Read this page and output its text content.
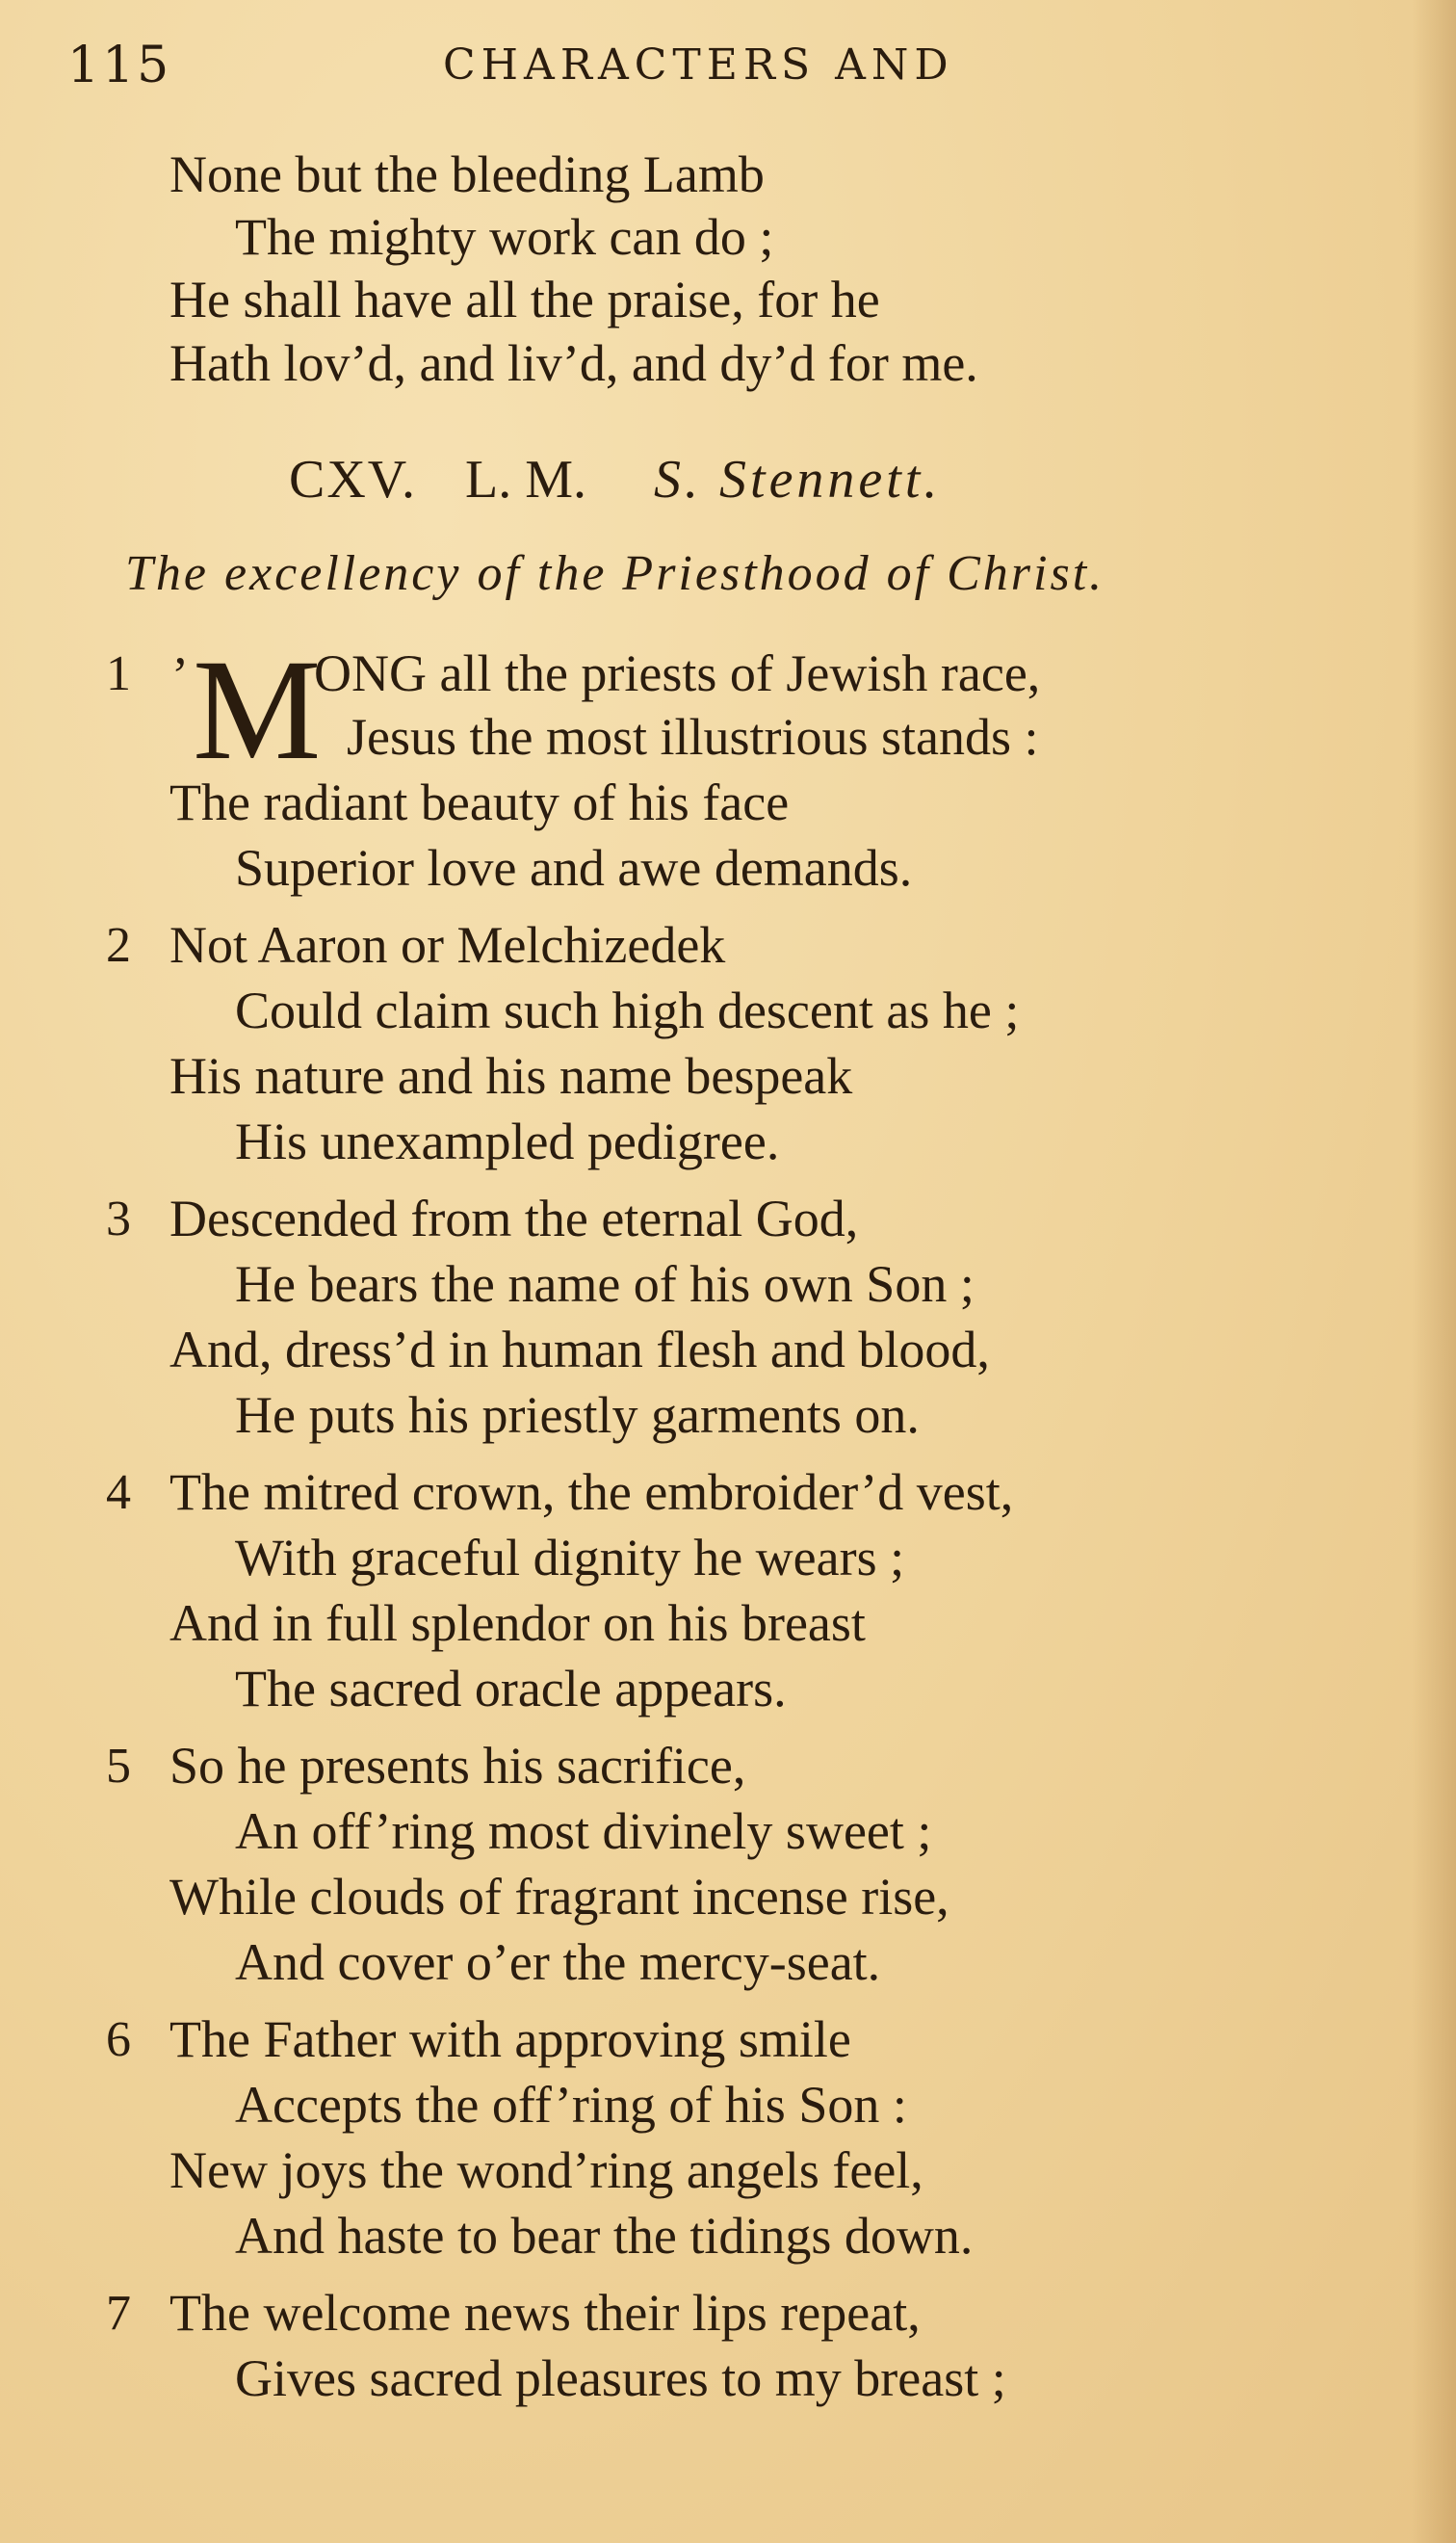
115	CHARACTERS AND
None but the bleeding Lamb
The mighty work can do ;
He shall have all the praise, for he
Hath lov’d, and liv’d, and dy’d for me.
CXV. L. M. S. Stennett.
The excellency of the Priesthood of Christ.
1 ’ M
ONG all the priests of Jewish race,
Jesus the most illustrious stands :
The radiant beauty of his face
Superior love and awe demands.
2 Not Aaron or Melchizedek
Could claim such high descent as he ;
His nature and his name bespeak
His unexampled pedigree.
3 Descended from the eternal God,
He bears the name of his own Son ;
And, dress’d in human flesh and blood,
He puts his priestly garments on.
4 The mitred crown, the embroider’d vest,
With graceful dignity he wears ;
And in full splendor on his breast
The sacred oracle appears.
5 So he presents his sacrifice,
An off’ring most divinely sweet ;
While clouds of fragrant incense rise,
And cover o’er the mercy-seat.
6 The Father with approving smile
Accepts the off’ring of his Son :
New joys the wond’ring angels feel,
And haste to bear the tidings down.
7 The welcome news their lips repeat,
Gives sacred pleasures to my breast ;
